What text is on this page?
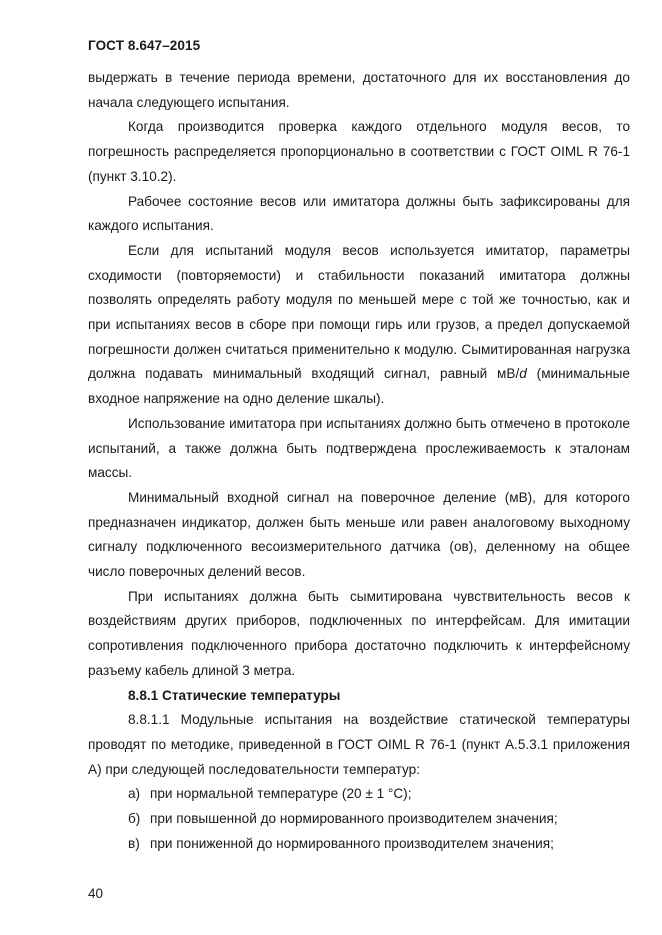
ГОСТ 8.647–2015

выдержать в течение периода времени, достаточного для их восстановления до начала следующего испытания.

Когда производится проверка каждого отдельного модуля весов, то погрешность распределяется пропорционально в соответствии с ГОСТ OIML R 76-1 (пункт 3.10.2).

Рабочее состояние весов или имитатора должны быть зафиксированы для каждого испытания.

Если для испытаний модуля весов используется имитатор, параметры сходимости (повторяемости) и стабильности показаний имитатора должны позволять определять работу модуля по меньшей мере с той же точностью, как и при испытаниях весов в сборе при помощи гирь или грузов, а предел допускаемой погрешности должен считаться применительно к модулю. Сымитированная нагрузка должна подавать минимальный входящий сигнал, равный мВ/d (минимальные входное напряжение на одно деление шкалы).

Использование имитатора при испытаниях должно быть отмечено в протоколе испытаний, а также должна быть подтверждена прослеживаемость к эталонам массы.

Минимальный входной сигнал на поверочное деление (мВ), для которого предназначен индикатор, должен быть меньше или равен аналоговому выходному сигналу подключенного весоизмерительного датчика (ов), деленному на общее число поверочных делений весов.

При испытаниях должна быть сымитирована чувствительность весов к воздействиям других приборов, подключенных по интерфейсам. Для имитации сопротивления подключенного прибора достаточно подключить к интерфейсному разъему кабель длиной 3 метра.

8.8.1 Статические температуры

8.8.1.1 Модульные испытания на воздействие статической температуры проводят по методике, приведенной в ГОСТ OIML R 76-1 (пункт А.5.3.1 приложения А) при следующей последовательности температур:

а) при нормальной температуре (20 ± 1 °С);
б) при повышенной до нормированного производителем значения;
в) при пониженной до нормированного производителем значения;
40
